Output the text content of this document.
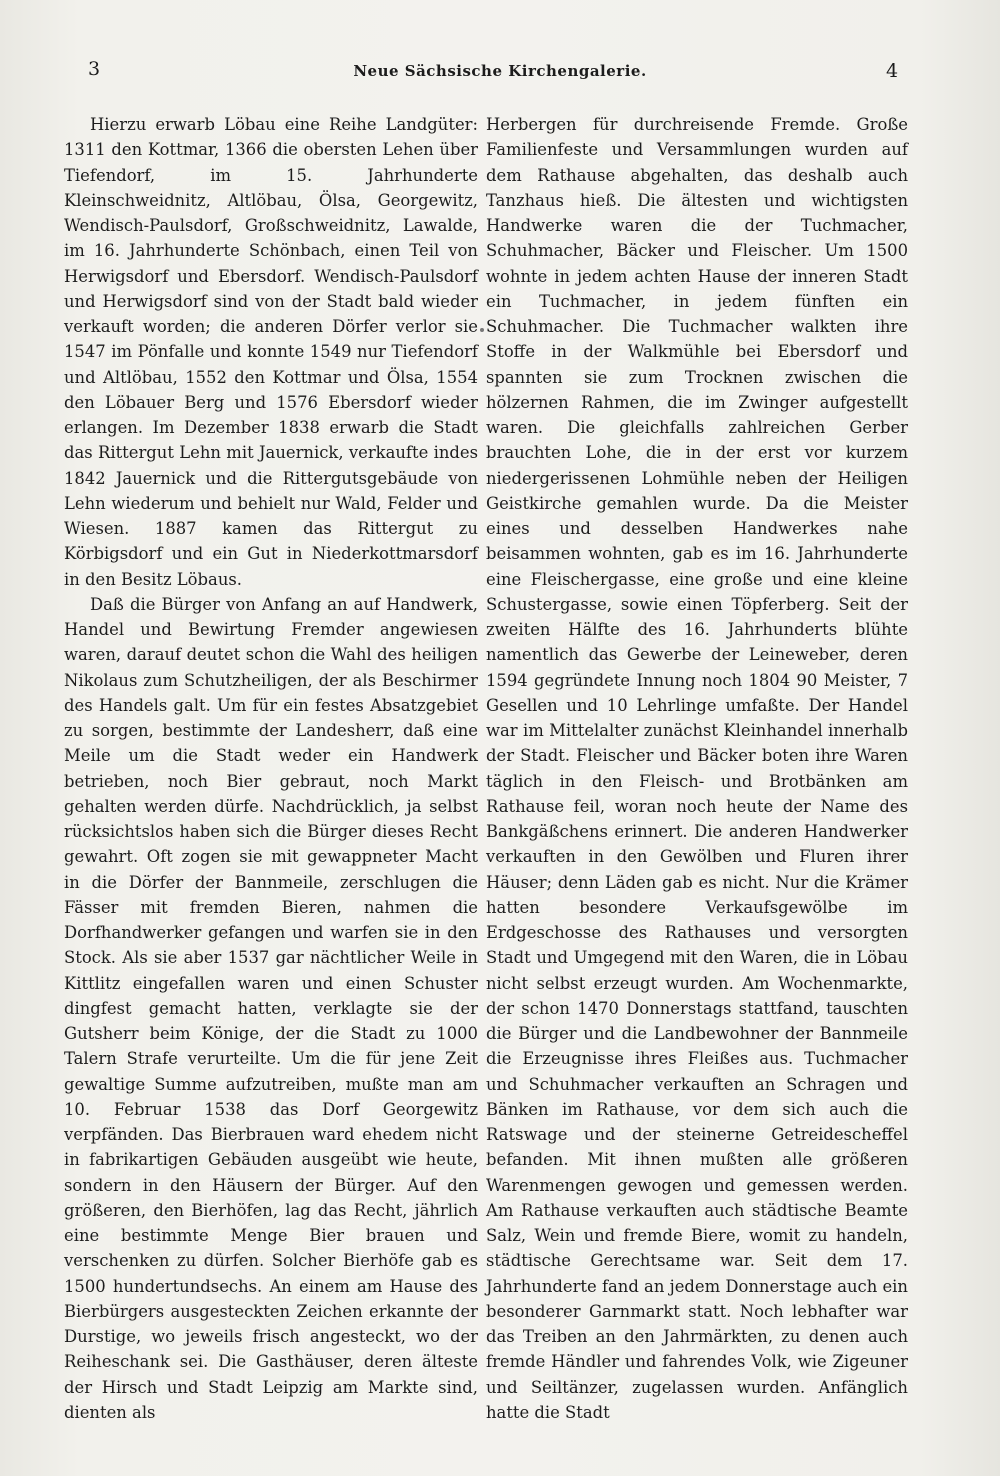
3	Neue Sächsische Kirchengalerie.	4

Hierzu erwarb Löbau eine Reihe Landgüter: 1311 den Kottmar, 1366 die obersten Lehen über Tiefendorf, im 15. Jahrhunderte Kleinschweidnitz, Altlöbau, Ölsa, Georgewitz, Wendisch-Paulsdorf, Großschweidnitz, Lawalde, im 16. Jahrhunderte Schönbach, einen Teil von Herwigsdorf und Ebersdorf. Wendisch-Paulsdorf und Herwigsdorf sind von der Stadt bald wieder verkauft worden; die anderen Dörfer verlor sie 1547 im Pönfalle und konnte 1549 nur Tiefendorf und Altlöbau, 1552 den Kottmar und Ölsa, 1554 den Löbauer Berg und 1576 Ebersdorf wieder erlangen. Im Dezember 1838 erwarb die Stadt das Rittergut Lehn mit Jauernick, verkaufte indes 1842 Jauernick und die Rittergutsgebäude von Lehn wiederum und behielt nur Wald, Felder und Wiesen. 1887 kamen das Rittergut zu Körbigsdorf und ein Gut in Niederkottmarsdorf in den Besitz Löbaus.

Daß die Bürger von Anfang an auf Handwerk, Handel und Bewirtung Fremder angewiesen waren, darauf deutet schon die Wahl des heiligen Nikolaus zum Schutzheiligen, der als Beschirmer des Handels galt. Um für ein festes Absatzgebiet zu sorgen, bestimmte der Landesherr, daß eine Meile um die Stadt weder ein Handwerk betrieben, noch Bier gebraut, noch Markt gehalten werden dürfe. Nachdrücklich, ja selbst rücksichtslos haben sich die Bürger dieses Recht gewahrt. Oft zogen sie mit gewappneter Macht in die Dörfer der Bannmeile, zerschlugen die Fässer mit fremden Bieren, nahmen die Dorfhandwerker gefangen und warfen sie in den Stock. Als sie aber 1537 gar nächtlicher Weile in Kittlitz eingefallen waren und einen Schuster dingfest gemacht hatten, verklagte sie der Gutsherr beim Könige, der die Stadt zu 1000 Talern Strafe verurteilte. Um die für jene Zeit gewaltige Summe aufzutreiben, mußte man am 10. Februar 1538 das Dorf Georgewitz verpfänden. Das Bierbrauen ward ehedem nicht in fabrikartigen Gebäuden ausgeübt wie heute, sondern in den Häusern der Bürger. Auf den größeren, den Bierhöfen, lag das Recht, jährlich eine bestimmte Menge Bier brauen und verschenken zu dürfen. Solcher Bierhöfe gab es 1500 hundertundsechs. An einem am Hause des Bierbürgers ausgesteckten Zeichen erkannte der Durstige, wo jeweils frisch angesteckt, wo der Reiheschank sei. Die Gasthäuser, deren älteste der Hirsch und Stadt Leipzig am Markte sind, dienten als

Herbergen für durchreisende Fremde. Große Familienfeste und Versammlungen wurden auf dem Rathause abgehalten, das deshalb auch Tanzhaus hieß. Die ältesten und wichtigsten Handwerke waren die der Tuchmacher, Schuhmacher, Bäcker und Fleischer. Um 1500 wohnte in jedem achten Hause der inneren Stadt ein Tuchmacher, in jedem fünften ein Schuhmacher. Die Tuchmacher walkten ihre Stoffe in der Walkmühle bei Ebersdorf und spannten sie zum Trocknen zwischen die hölzernen Rahmen, die im Zwinger aufgestellt waren. Die gleichfalls zahlreichen Gerber brauchten Lohe, die in der erst vor kurzem niedergerissenen Lohmühle neben der Heiligen Geistkirche gemahlen wurde. Da die Meister eines und desselben Handwerkes nahe beisammen wohnten, gab es im 16. Jahrhunderte eine Fleischergasse, eine große und eine kleine Schustergasse, sowie einen Töpferberg. Seit der zweiten Hälfte des 16. Jahrhunderts blühte namentlich das Gewerbe der Leineweber, deren 1594 gegründete Innung noch 1804 90 Meister, 7 Gesellen und 10 Lehrlinge umfaßte. Der Handel war im Mittelalter zunächst Kleinhandel innerhalb der Stadt. Fleischer und Bäcker boten ihre Waren täglich in den Fleisch- und Brotbänken am Rathause feil, woran noch heute der Name des Bankgäßchens erinnert. Die anderen Handwerker verkauften in den Gewölben und Fluren ihrer Häuser; denn Läden gab es nicht. Nur die Krämer hatten besondere Verkaufsgewölbe im Erdgeschosse des Rathauses und versorgten Stadt und Umgegend mit den Waren, die in Löbau nicht selbst erzeugt wurden. Am Wochenmarkte, der schon 1470 Donnerstags stattfand, tauschten die Bürger und die Landbewohner der Bannmeile die Erzeugnisse ihres Fleißes aus. Tuchmacher und Schuhmacher verkauften an Schragen und Bänken im Rathause, vor dem sich auch die Ratswage und der steinerne Getreidescheffel befanden. Mit ihnen mußten alle größeren Warenmengen gewogen und gemessen werden. Am Rathause verkauften auch städtische Beamte Salz, Wein und fremde Biere, womit zu handeln, städtische Gerechtsame war. Seit dem 17. Jahrhunderte fand an jedem Donnerstage auch ein besonderer Garnmarkt statt. Noch lebhafter war das Treiben an den Jahrmärkten, zu denen auch fremde Händler und fahrendes Volk, wie Zigeuner und Seiltänzer, zugelassen wurden. Anfänglich hatte die Stadt
